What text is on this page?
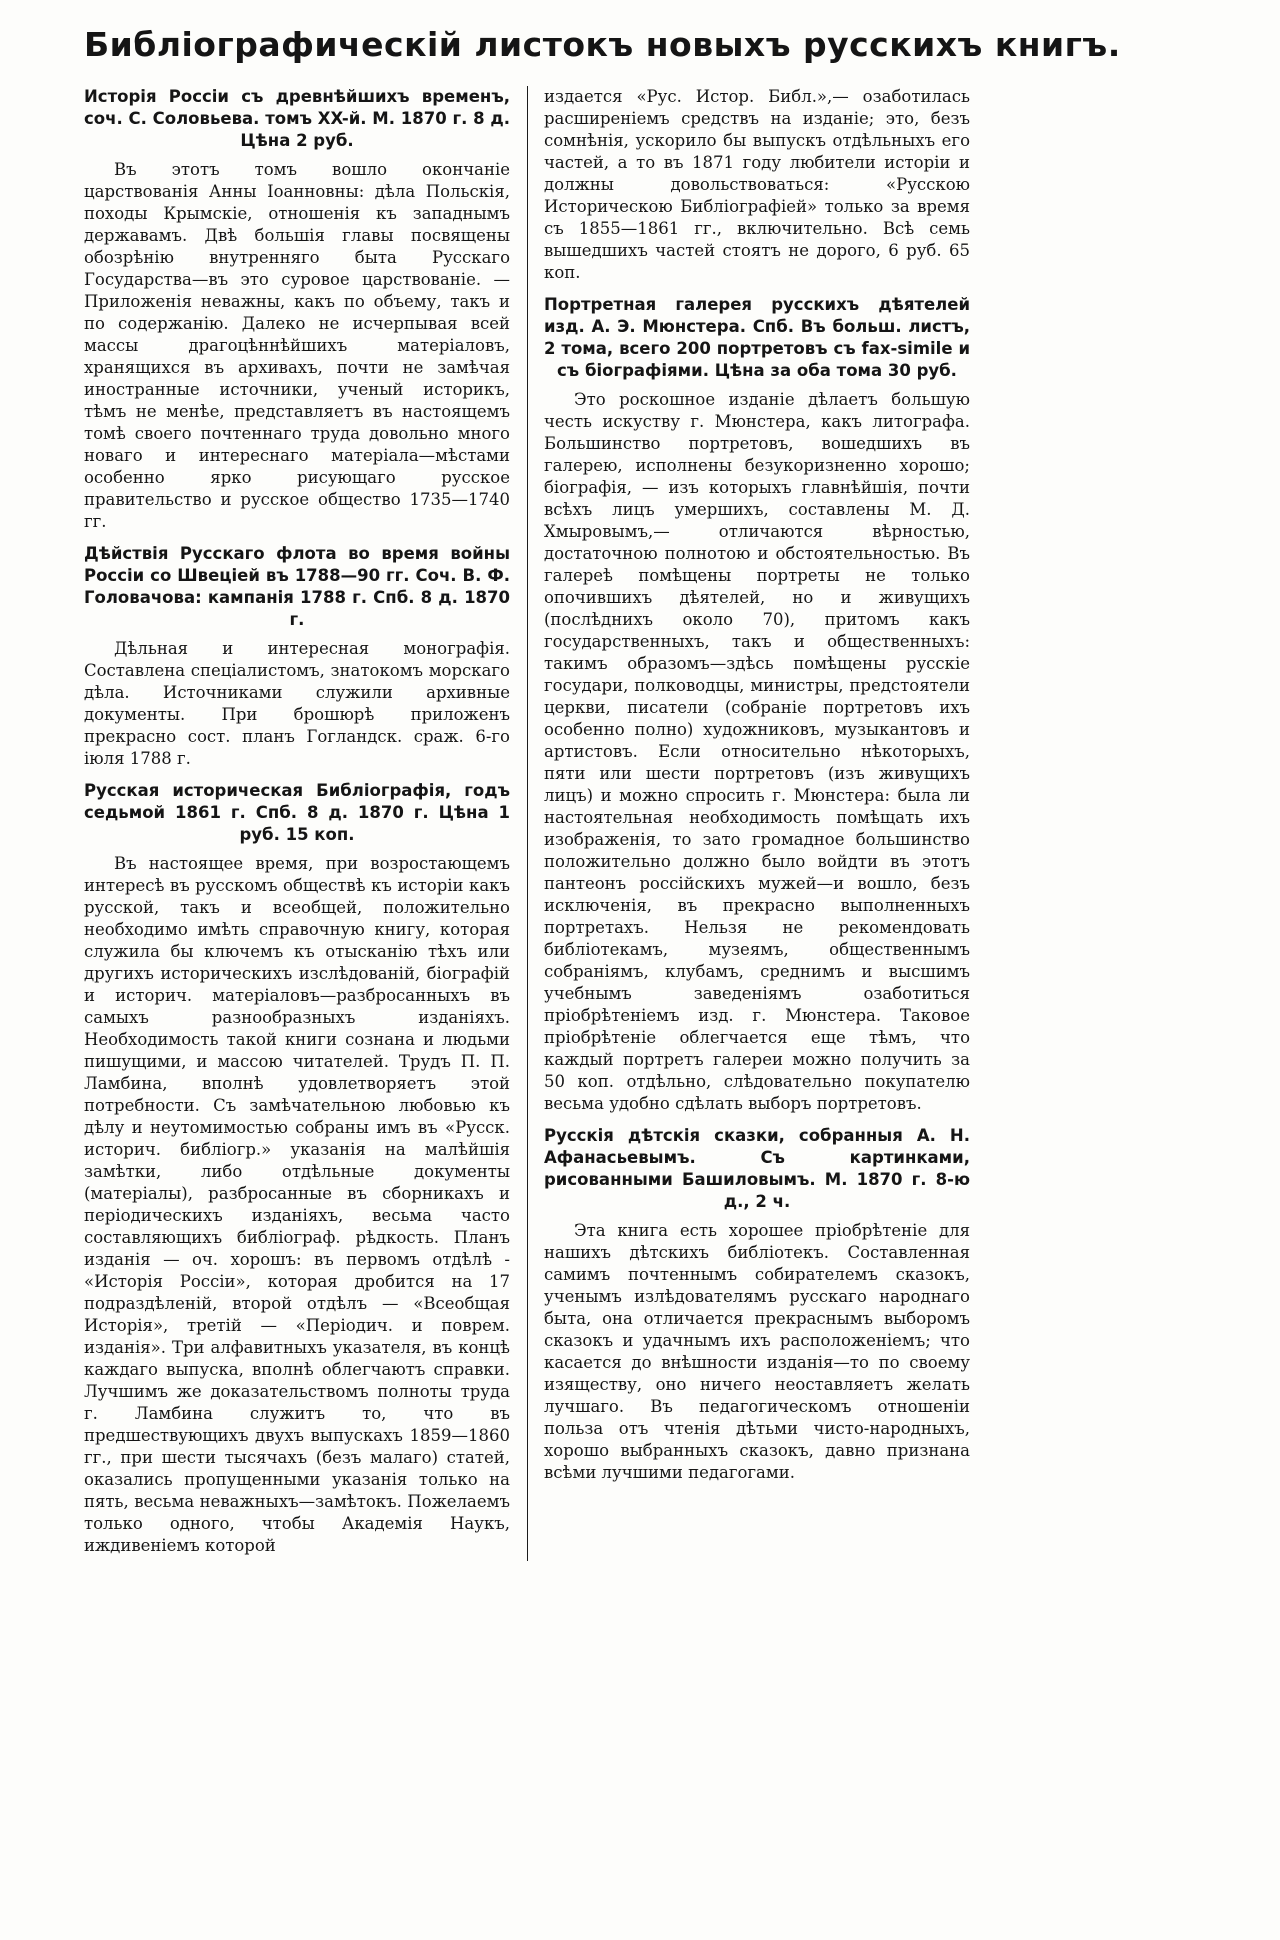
Библіографическій листокъ новыхъ русскихъ книгъ.
Исторія Россіи съ древнѣйшихъ временъ, соч. С. Соловьева. томъ XX-й. М. 1870 г. 8 д. Цѣна 2 руб.
Въ этотъ томъ вошло окончаніе царствованія Анны Іоанновны: дѣла Польскія, походы Крымскіе, отношенія къ западнымъ державамъ. Двѣ большія главы посвящены обозрѣнію внутренняго быта Русскаго Государства—въ это суровое царствованіе. — Приложенія неважны, какъ по объему, такъ и по содержанію. Далеко не исчерпывая всей массы драгоцѣннѣйшихъ матеріаловъ, хранящихся въ архивахъ, почти не замѣчая иностранные источники, ученый историкъ, тѣмъ не менѣе, представляетъ въ настоящемъ томѣ своего почтеннаго труда довольно много новаго и интереснаго матеріала—мѣстами особенно ярко рисующаго русское правительство и русское общество 1735—1740 гг.
Дѣйствія Русскаго флота во время войны Россіи со Швеціей въ 1788—90 гг. Соч. В. Ф. Головачова: кампанія 1788 г. Спб. 8 д. 1870 г.
Дѣльная и интересная монографія. Составлена спеціалистомъ, знатокомъ морскаго дѣла. Источниками служили архивные документы. При брошюрѣ приложенъ прекрасно сост. планъ Гогландск. сраж. 6-го іюля 1788 г.
Русская историческая Библіографія, годъ седьмой 1861 г. Спб. 8 д. 1870 г. Цѣна 1 руб. 15 коп.
Въ настоящее время, при возростающемъ интересѣ въ русскомъ обществѣ къ исторіи какъ русской, такъ и всеобщей, положительно необходимо имѣть справочную книгу, которая служила бы ключемъ къ отысканію тѣхъ или другихъ историческихъ изслѣдованій, біографій и историч. матеріаловъ—разбросанныхъ въ самыхъ разнообразныхъ изданіяхъ. Необходимость такой книги сознана и людьми пишущими, и массою читателей. Трудъ П. П. Ламбина, вполнѣ удовлетворяетъ этой потребности. Съ замѣчательною любовью къ дѣлу и неутомимостью собраны имъ въ «Русск. историч. библіогр.» указанія на малѣйшія замѣтки, либо отдѣльные документы (матеріалы), разбросанные въ сборникахъ и періодическихъ изданіяхъ, весьма часто составляющихъ библіограф. рѣдкость. Планъ изданія — оч. хорошъ: въ первомъ отдѣлѣ - «Исторія Россіи», которая дробится на 17 подраздѣленій, второй отдѣлъ — «Всеобщая Исторія», третій — «Періодич. и поврем. изданія». Три алфавитныхъ указателя, въ концѣ каждаго выпуска, вполнѣ облегчаютъ справки. Лучшимъ же доказательствомъ полноты труда г. Ламбина служитъ то, что въ предшествующихъ двухъ выпускахъ 1859—1860 гг., при шести тысячахъ (безъ малаго) статей, оказались пропущенными указанія только на пять, весьма неважныхъ—замѣтокъ. Пожелаемъ только одного, чтобы Академія Наукъ, иждивеніемъ которой
издается «Рус. Истор. Библ.»,— озаботилась расширеніемъ средствъ на изданіе; это, безъ сомнѣнія, ускорило бы выпускъ отдѣльныхъ его частей, а то въ 1871 году любители исторіи и должны довольствоваться: «Русскою Историческою Библіографіей» только за время съ 1855—1861 гг., включительно. Всѣ семь вышедшихъ частей стоятъ не дорого, 6 руб. 65 коп.
Портретная галерея русскихъ дѣятелей изд. А. Э. Мюнстера. Спб. Въ больш. листъ, 2 тома, всего 200 портретовъ съ fax-simile и съ біографіями. Цѣна за оба тома 30 руб.
Это роскошное изданіе дѣлаетъ большую честь искуству г. Мюнстера, какъ литографа. Большинство портретовъ, вошедшихъ въ галерею, исполнены безукоризненно хорошо; біографія, — изъ которыхъ главнѣйшія, почти всѣхъ лицъ умершихъ, составлены М. Д. Хмыровымъ,— отличаются вѣрностью, достаточною полнотою и обстоятельностью. Въ галереѣ помѣщены портреты не только опочившихъ дѣятелей, но и живущихъ (послѣднихъ около 70), притомъ какъ государственныхъ, такъ и общественныхъ: такимъ образомъ—здѣсь помѣщены русскіе государи, полководцы, министры, предстоятели церкви, писатели (собраніе портретовъ ихъ особенно полно) художниковъ, музыкантовъ и артистовъ. Если относительно нѣкоторыхъ, пяти или шести портретовъ (изъ живущихъ лицъ) и можно спросить г. Мюнстера: была ли настоятельная необходимость помѣщать ихъ изображенія, то зато громадное большинство положительно должно было войдти въ этотъ пантеонъ россійскихъ мужей—и вошло, безъ исключенія, въ прекрасно выполненныхъ портретахъ. Нельзя не рекомендовать библіотекамъ, музеямъ, общественнымъ собраніямъ, клубамъ, среднимъ и высшимъ учебнымъ заведеніямъ озаботиться пріобрѣтеніемъ изд. г. Мюнстера. Таковое пріобрѣтеніе облегчается еще тѣмъ, что каждый портретъ галереи можно получить за 50 коп. отдѣльно, слѣдовательно покупателю весьма удобно сдѣлать выборъ портретовъ.
Русскія дѣтскія сказки, собранныя А. Н. Афанасьевымъ. Съ картинками, рисованными Башиловымъ. М. 1870 г. 8-ю д., 2 ч.
Эта книга есть хорошее пріобрѣтеніе для нашихъ дѣтскихъ библіотекъ. Составленная самимъ почтеннымъ собирателемъ сказокъ, ученымъ излѣдователямъ русскаго народнаго быта, она отличается прекраснымъ выборомъ сказокъ и удачнымъ ихъ расположеніемъ; что касается до внѣшности изданія—то по своему изяществу, оно ничего неоставляетъ желать лучшаго. Въ педагогическомъ отношеніи польза отъ чтенія дѣтьми чисто-народныхъ, хорошо выбранныхъ сказокъ, давно признана всѣми лучшими педагогами.
